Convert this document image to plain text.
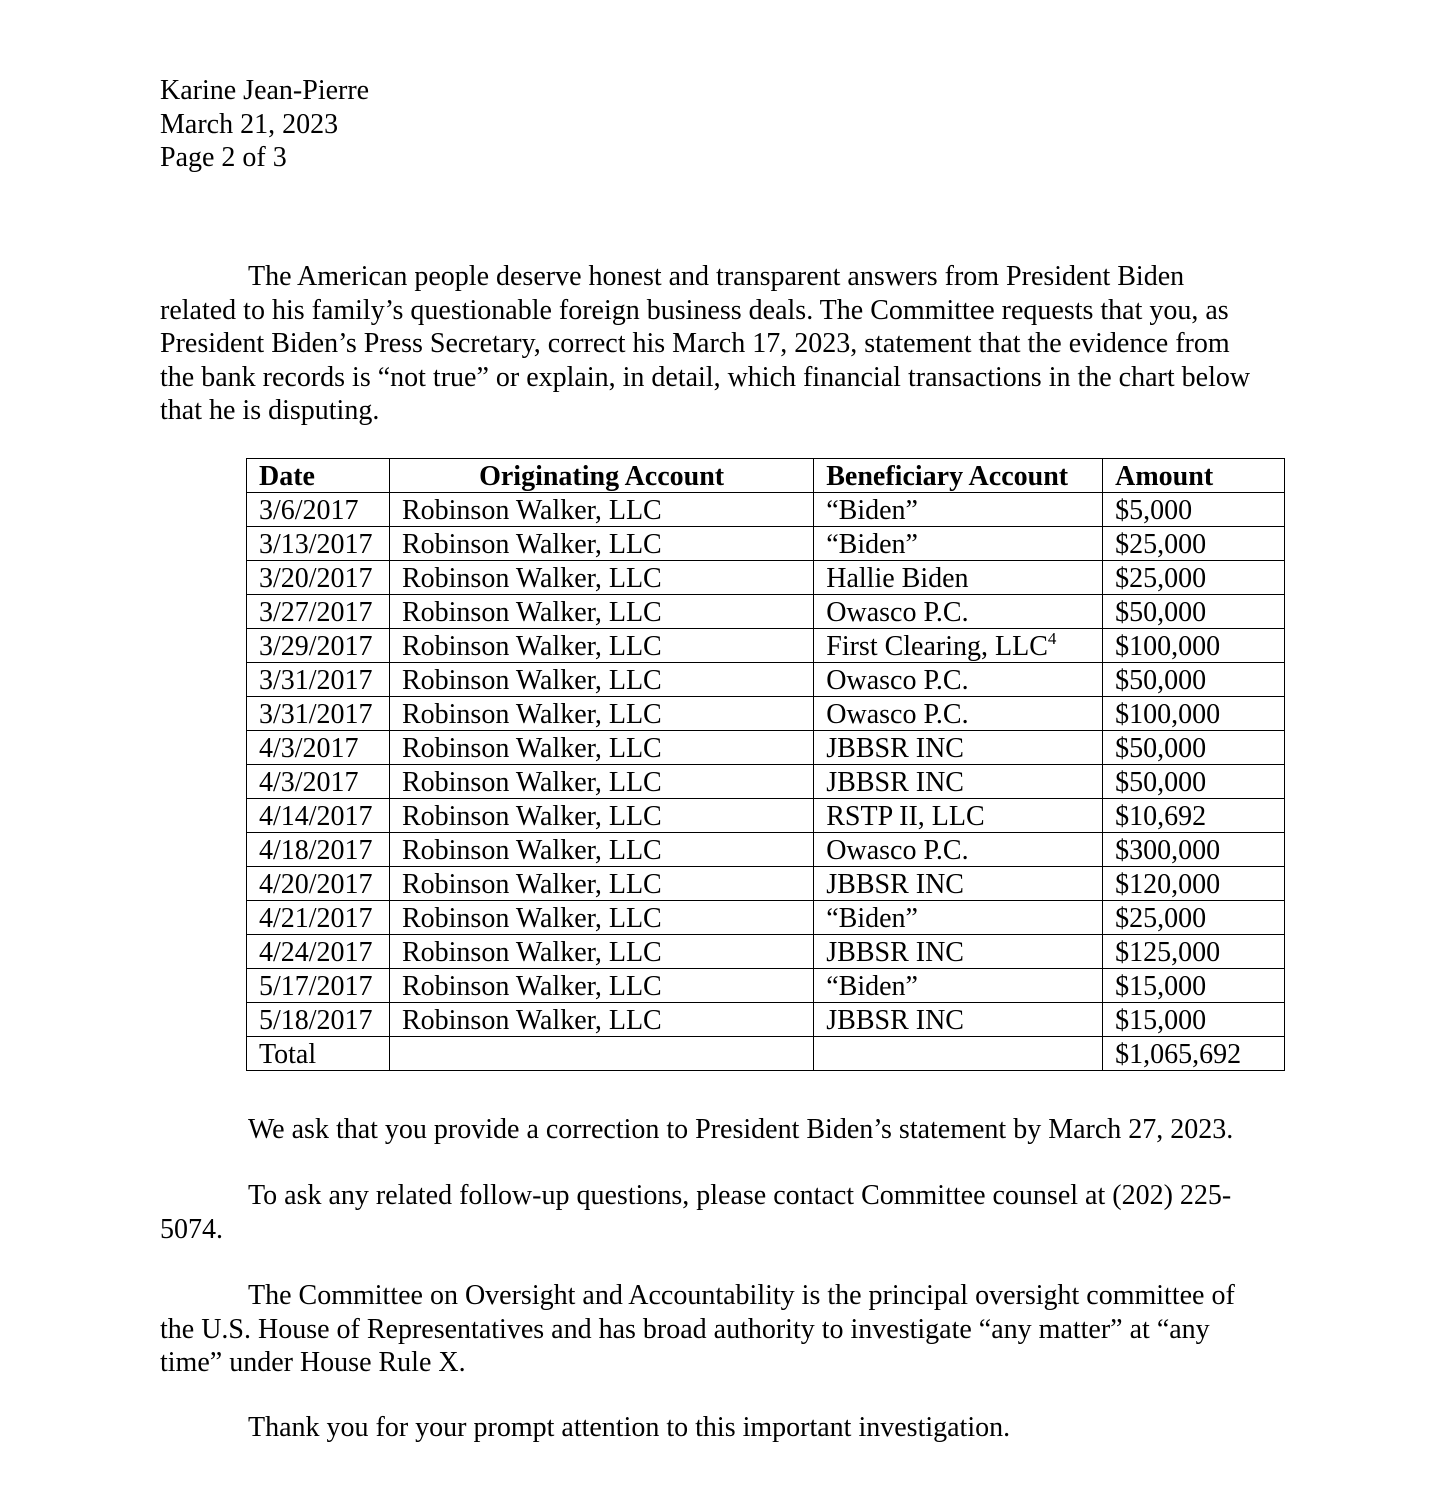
Karine Jean-Pierre
March 21, 2023
Page 2 of 3
The American people deserve honest and transparent answers from President Biden
related to his family’s questionable foreign business deals. The Committee requests that you, as
President Biden’s Press Secretary, correct his March 17, 2023, statement that the evidence from
the bank records is “not true” or explain, in detail, which financial transactions in the chart below
that he is disputing.
Date	Originating Account	Beneficiary Account	Amount
3/6/2017	Robinson Walker, LLC	“Biden”	$5,000
3/13/2017	Robinson Walker, LLC	“Biden”	$25,000
3/20/2017	Robinson Walker, LLC	Hallie Biden	$25,000
3/27/2017	Robinson Walker, LLC	Owasco P.C.	$50,000
3/29/2017	Robinson Walker, LLC	First Clearing, LLC$^4$	$100,000
3/31/2017	Robinson Walker, LLC	Owasco P.C.	$50,000
3/31/2017	Robinson Walker, LLC	Owasco P.C.	$100,000
4/3/2017	Robinson Walker, LLC	JBBSR INC	$50,000
4/3/2017	Robinson Walker, LLC	JBBSR INC	$50,000
4/14/2017	Robinson Walker, LLC	RSTP II, LLC	$10,692
4/18/2017	Robinson Walker, LLC	Owasco P.C.	$300,000
4/20/2017	Robinson Walker, LLC	JBBSR INC	$120,000
4/21/2017	Robinson Walker, LLC	“Biden”	$25,000
4/24/2017	Robinson Walker, LLC	JBBSR INC	$125,000
5/17/2017	Robinson Walker, LLC	“Biden”	$15,000
5/18/2017	Robinson Walker, LLC	JBBSR INC	$15,000
Total			$1,065,692
We ask that you provide a correction to President Biden’s statement by March 27, 2023.
To ask any related follow-up questions, please contact Committee counsel at (202) 225-
5074.
The Committee on Oversight and Accountability is the principal oversight committee of
the U.S. House of Representatives and has broad authority to investigate “any matter” at “any
time” under House Rule X.
Thank you for your prompt attention to this important investigation.
